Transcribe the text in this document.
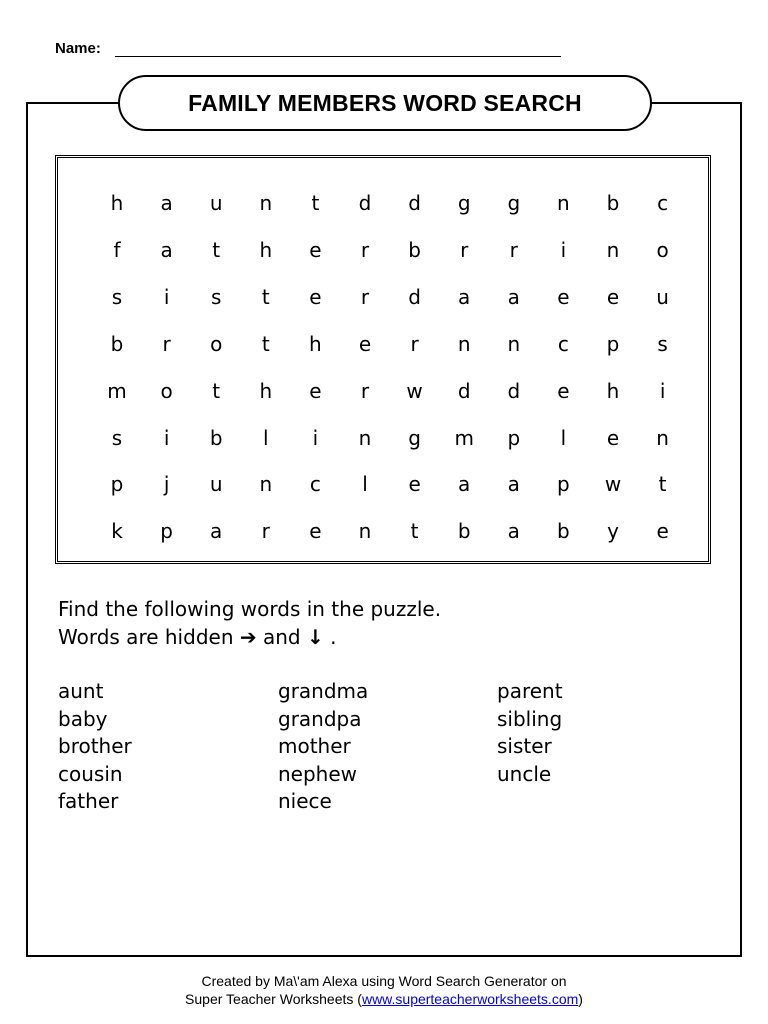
Name:
FAMILY MEMBERS WORD SEARCH
h	a	u	n	t	d	d	g	g	n	b	c
f	a	t	h	e	r	b	r	r	i	n	o
s	i	s	t	e	r	d	a	a	e	e	u
b	r	o	t	h	e	r	n	n	c	p	s
m	o	t	h	e	r	w	d	d	e	h	i
s	i	b	l	i	n	g	m	p	l	e	n
p	j	u	n	c	l	e	a	a	p	w	t
k	p	a	r	e	n	t	b	a	b	y	e
Find the following words in the puzzle.
Words are hidden ➔ and ↓ .
aunt
baby
brother
cousin
father
grandma
grandpa
mother
nephew
niece
parent
sibling
sister
uncle
Created by Ma\'am Alexa using Word Search Generator on
Super Teacher Worksheets (www.superteacherworksheets.com)
